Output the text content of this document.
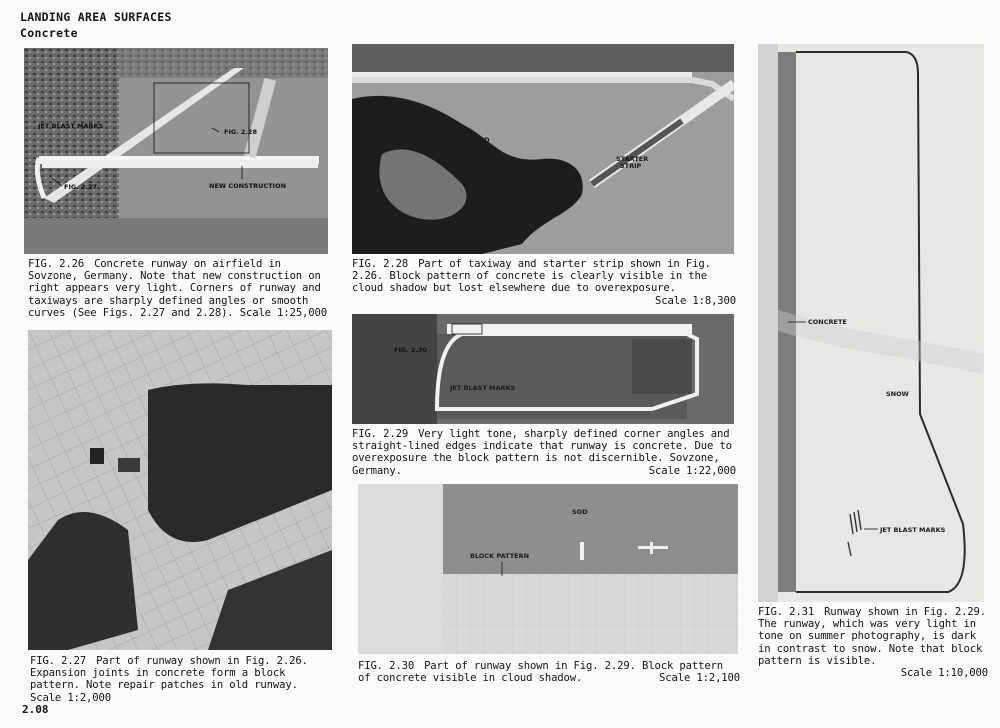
LANDING AREA SURFACES
Concrete
JET BLAST MARKS
FIG. 2.28
FIG. 2.27	NEW CONSTRUCTION
SOD
STARTER
STRIP
CONCRETE
SNOW
JET BLAST MARKS
FIG. 2.26 Concrete runway on airfield in Sovzone, Germany. Note that new construction on right appears very light. Corners of runway and taxiways are sharply defined angles or smooth curves (See Figs. 2.27 and 2.28). Scale 1:25,000
FIG. 2.28 Part of taxiway and starter strip shown in Fig. 2.26. Block pattern of concrete is clearly visible in the cloud shadow but lost elsewhere due to overexposure.
Scale 1:8,300
FIG. 2.30
JET BLAST MARKS
FIG. 2.29 Very light tone, sharply defined corner angles and straight-lined edges indicate that runway is concrete. Due to overexposure the block pattern is not discernible. Sovzone, Germany.	Scale 1:22,000
SOD
BLOCK PATTERN
FIG. 2.27 Part of runway shown in Fig. 2.26. Expansion joints in concrete form a block pattern. Note repair patches in old runway. Scale 1:2,000
FIG. 2.30 Part of runway shown in Fig. 2.29. Block pattern of concrete visible in cloud shadow.	Scale 1:2,100
FIG. 2.31 Runway shown in Fig. 2.29. The runway, which was very light in tone on summer photography, is dark in contrast to snow. Note that block pattern is visible.
Scale 1:10,000
2.08
